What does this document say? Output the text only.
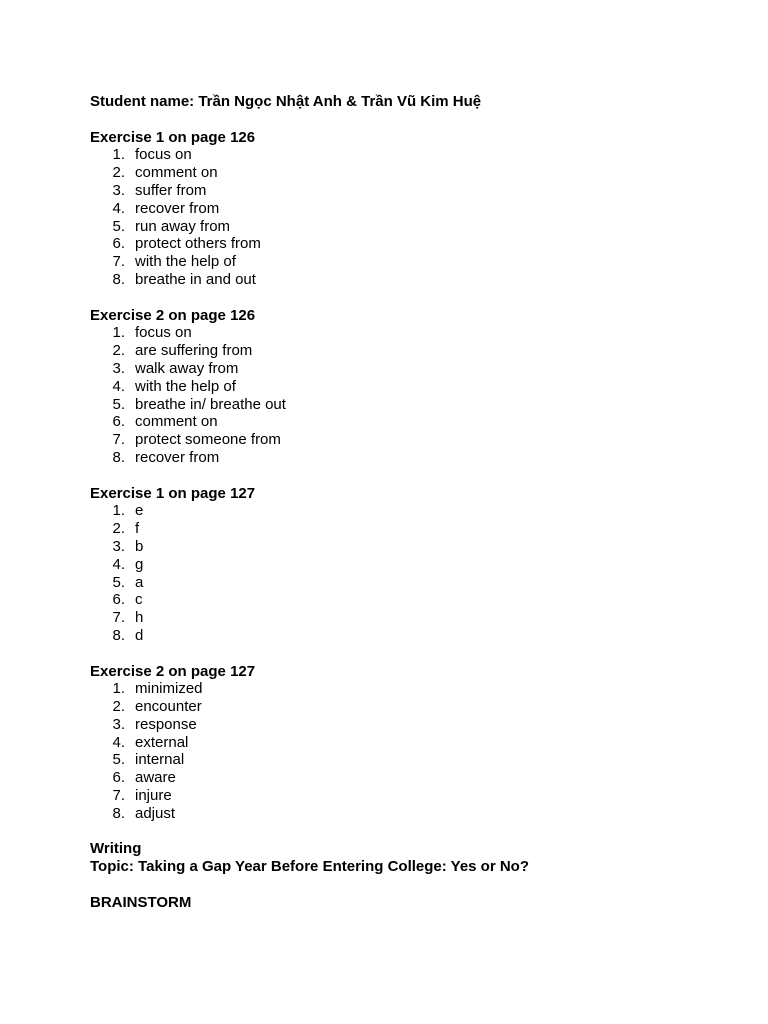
Student name: Trần Ngọc Nhật Anh & Trần Vũ Kim Huệ
Exercise 1 on page 126
1. focus on
2. comment on
3. suffer from
4. recover from
5. run away from
6. protect others from
7. with the help of
8. breathe in and out
Exercise 2 on page 126
1. focus on
2. are suffering from
3. walk away from
4. with the help of
5. breathe in/ breathe out
6. comment on
7. protect someone from
8. recover from
Exercise 1 on page 127
1. e
2. f
3. b
4. g
5. a
6. c
7. h
8. d
Exercise 2 on page 127
1. minimized
2. encounter
3. response
4. external
5. internal
6. aware
7. injure
8. adjust
Writing
Topic: Taking a Gap Year Before Entering College: Yes or No?
BRAINSTORM
